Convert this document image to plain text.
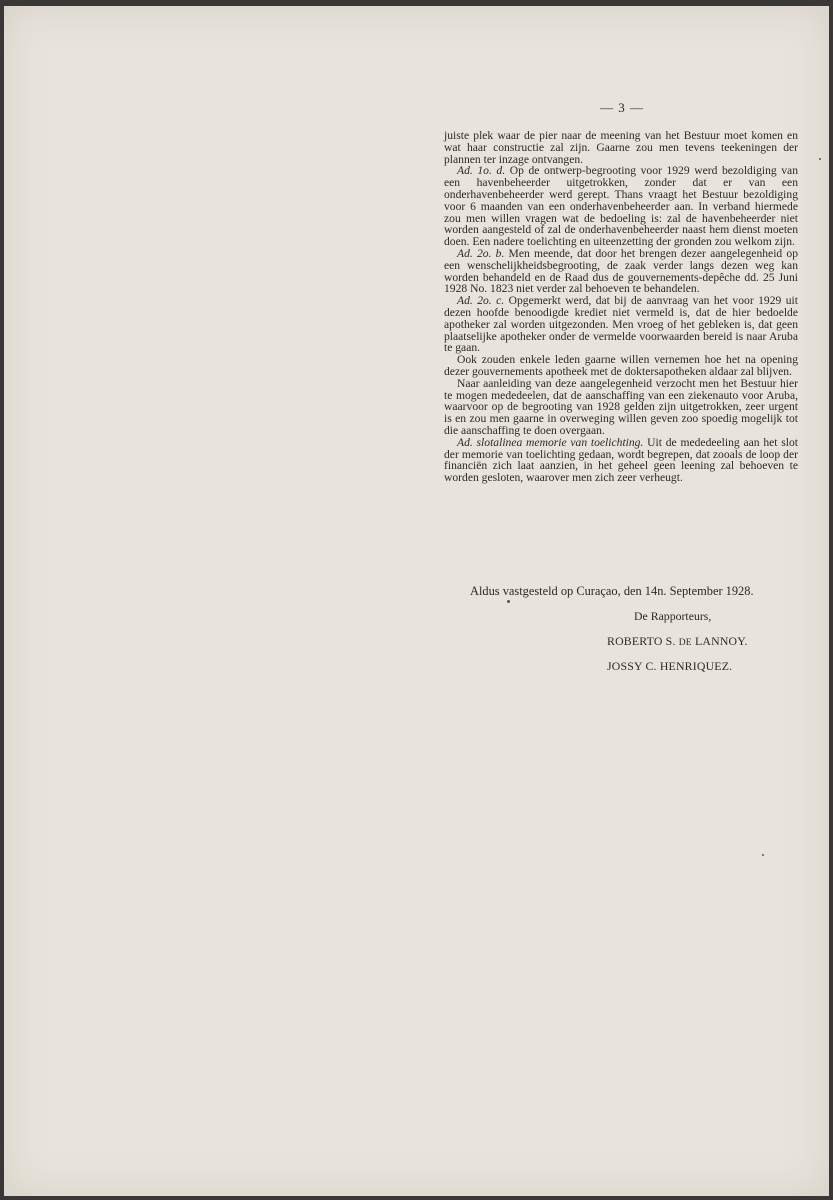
— 3 —

juiste plek waar de pier naar de meening van het Bestuur moet komen en wat haar constructie zal zijn. Gaarne zou men tevens teekeningen der plannen ter inzage ontvangen.

Ad. 1o. d. Op de ontwerp-begrooting voor 1929 werd bezoldiging van een havenbeheerder uitgetrokken, zonder dat er van een onderhavenbeheerder werd gerept. Thans vraagt het Bestuur bezoldiging voor 6 maanden van een onderhavenbeheerder aan. In verband hiermede zou men willen vragen wat de bedoeling is: zal de havenbeheerder niet worden aangesteld of zal de onderhavenbeheerder naast hem dienst moeten doen. Een nadere toelichting en uiteenzetting der gronden zou welkom zijn.

Ad. 2o. b. Men meende, dat door het brengen dezer aangelegenheid op een wenschelijkheidsbegrooting, de zaak verder langs dezen weg kan worden behandeld en de Raad dus de gouvernements-depêche dd. 25 Juni 1928 No. 1823 niet verder zal behoeven te behandelen.

Ad. 2o. c. Opgemerkt werd, dat bij de aanvraag van het voor 1929 uit dezen hoofde benoodigde krediet niet vermeld is, dat de hier bedoelde apotheker zal worden uitgezonden. Men vroeg of het gebleken is, dat geen plaatselijke apotheker onder de vermelde voorwaarden bereid is naar Aruba te gaan.

Ook zouden enkele leden gaarne willen vernemen hoe het na opening dezer gouvernements apotheek met de doktersapotheken aldaar zal blijven.

Naar aanleiding van deze aangelegenheid verzocht men het Bestuur hier te mogen mededeelen, dat de aanschaffing van een ziekenauto voor Aruba, waarvoor op de begrooting van 1928 gelden zijn uitgetrokken, zeer urgent is en zou men gaarne in overweging willen geven zoo spoedig mogelijk tot die aanschaffing te doen overgaan.

Ad. slotalinea memorie van toelichting. Uit de mededeeling aan het slot der memorie van toelichting gedaan, wordt begrepen, dat zooals de loop der financiën zich laat aanzien, in het geheel geen leening zal behoeven te worden gesloten, waarover men zich zeer verheugt.

Aldus vastgesteld op Curaçao, den 14n. September 1928.
De Rapporteurs,
ROBERTO S. DE LANNOY.
JOSSY C. HENRIQUEZ.
